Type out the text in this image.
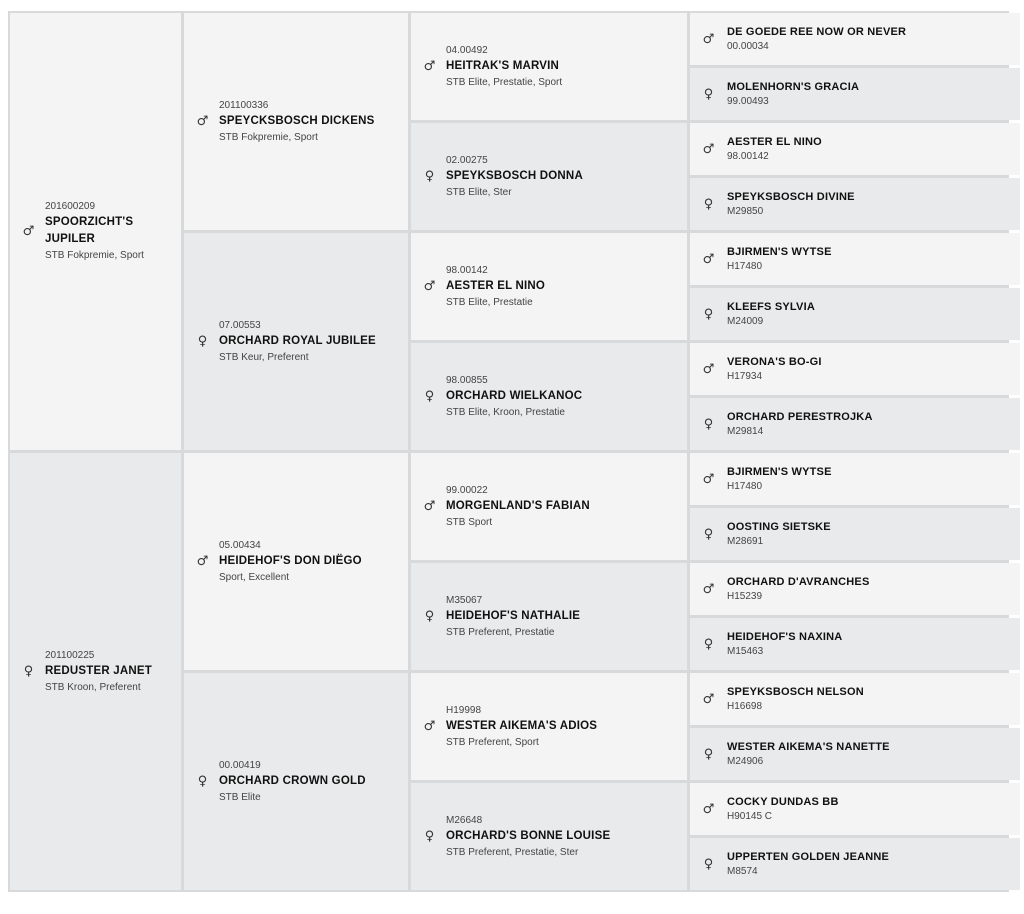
♂
201600209
SPOORZICHT'S JUPILER
STB Fokpremie, Sport
♀
201100225
REDUSTER JANET
STB Kroon, Preferent
♂
201100336
SPEYCKSBOSCH DICKENS
STB Fokpremie, Sport
♀
07.00553
ORCHARD ROYAL JUBILEE
STB Keur, Preferent
♂
05.00434
HEIDEHOF'S DON DIËGO
Sport, Excellent
♀
00.00419
ORCHARD CROWN GOLD
STB Elite
♂
04.00492
HEITRAK'S MARVIN
STB Elite, Prestatie, Sport
♀
02.00275
SPEYKSBOSCH DONNA
STB Elite, Ster
♂
98.00142
AESTER EL NINO
STB Elite, Prestatie
♀
98.00855
ORCHARD WIELKANOC
STB Elite, Kroon, Prestatie
♂
99.00022
MORGENLAND'S FABIAN
STB Sport
♀
M35067
HEIDEHOF'S NATHALIE
STB Preferent, Prestatie
♂
H19998
WESTER AIKEMA'S ADIOS
STB Preferent, Sport
♀
M26648
ORCHARD'S BONNE LOUISE
STB Preferent, Prestatie, Ster
♂ DE GOEDE REE NOW OR NEVER
00.00034
♀	MOLENHORN'S GRACIA
99.00493
♂ AESTER EL NINO
98.00142
♀	SPEYKSBOSCH DIVINE
M29850
♂ BJIRMEN'S WYTSE
H17480
♀	KLEEFS SYLVIA
M24009
♂ VERONA'S BO-GI
H17934
♀	ORCHARD PERESTROJKA
M29814
♂ BJIRMEN'S WYTSE
H17480
♀	OOSTING SIETSKE
M28691
♂ ORCHARD D'AVRANCHES
H15239
♀	HEIDEHOF'S NAXINA
M15463
♂ SPEYKSBOSCH NELSON
H16698
♀	WESTER AIKEMA'S NANETTE
M24906
♂ COCKY DUNDAS BB
H90145 C
♀	UPPERTEN GOLDEN JEANNE
M8574
